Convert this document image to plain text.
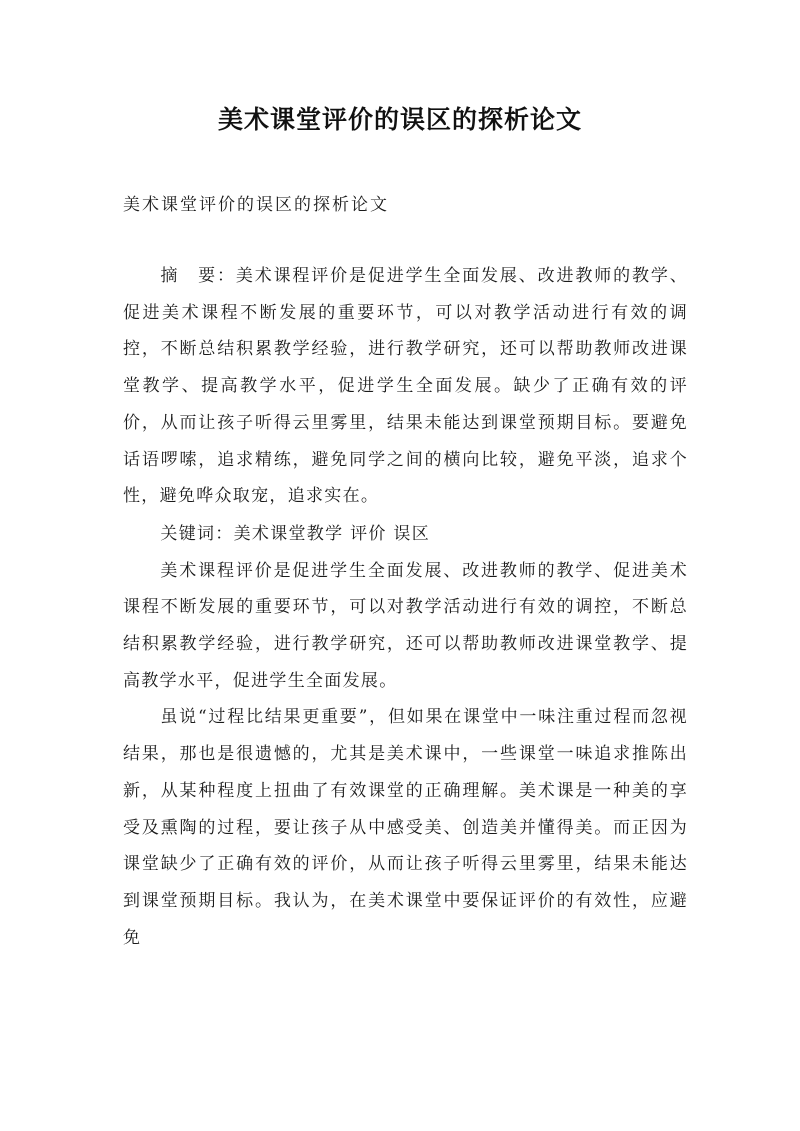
美术课堂评价的误区的探析论文

美术课堂评价的误区的探析论文

摘　要：美术课程评价是促进学生全面发展、改进教师的教学、促进美术课程不断发展的重要环节，可以对教学活动进行有效的调控，不断总结积累教学经验，进行教学研究，还可以帮助教师改进课堂教学、提高教学水平，促进学生全面发展。缺少了正确有效的评价，从而让孩子听得云里雾里，结果未能达到课堂预期目标。要避免话语啰嗦，追求精练，避免同学之间的横向比较，避免平淡，追求个性，避免哗众取宠，追求实在。

关键词：美术课堂教学 评价 误区

美术课程评价是促进学生全面发展、改进教师的教学、促进美术课程不断发展的重要环节，可以对教学活动进行有效的调控，不断总结积累教学经验，进行教学研究，还可以帮助教师改进课堂教学、提高教学水平，促进学生全面发展。

虽说“过程比结果更重要”，但如果在课堂中一味注重过程而忽视结果，那也是很遗憾的，尤其是美术课中，一些课堂一味追求推陈出新，从某种程度上扭曲了有效课堂的正确理解。美术课是一种美的享受及熏陶的过程，要让孩子从中感受美、创造美并懂得美。而正因为课堂缺少了正确有效的评价，从而让孩子听得云里雾里，结果未能达到课堂预期目标。我认为，在美术课堂中要保证评价的有效性，应避免
